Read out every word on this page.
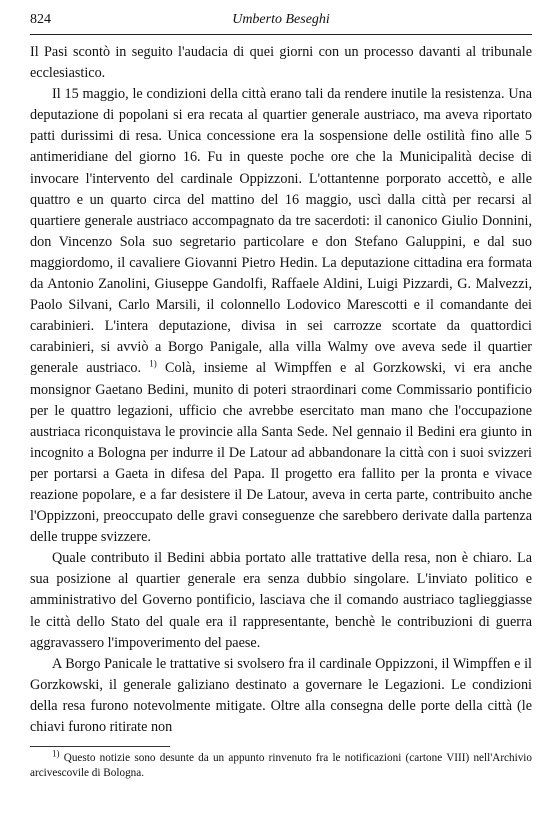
824	Umberto Beseghi

Il Pasi scontò in seguito l'audacia di quei giorni con un processo davanti al tribunale ecclesiastico.

Il 15 maggio, le condizioni della città erano tali da rendere inutile la resistenza. Una deputazione di popolani si era recata al quartier generale austriaco, ma aveva riportato patti durissimi di resa. Unica concessione era la sospensione delle ostilità fino alle 5 antimeridiane del giorno 16. Fu in queste poche ore che la Municipalità decise di invocare l'intervento del cardinale Oppizzoni. L'ottantenne porporato accettò, e alle quattro e un quarto circa del mattino del 16 maggio, uscì dalla città per recarsi al quartiere generale austriaco accompagnato da tre sacerdoti: il canonico Giulio Donnini, don Vincenzo Sola suo segretario particolare e don Stefano Galuppini, e dal suo maggiordomo, il cavaliere Giovanni Pietro Hedin. La deputazione cittadina era formata da Antonio Zanolini, Giuseppe Gandolfi, Raffaele Aldini, Luigi Pizzardi, G. Malvezzi, Paolo Silvani, Carlo Marsili, il colonnello Lodovico Marescotti e il comandante dei carabinieri. L'intera deputazione, divisa in sei carrozze scortate da quattordici carabinieri, si avviò a Borgo Panigale, alla villa Walmy ove aveva sede il quartier generale austriaco. $^{1)}$ Colà, insieme al Wimpffen e al Gorzkowski, vi era anche monsignor Gaetano Bedini, munito di poteri straordinari come Commissario pontificio per le quattro legazioni, ufficio che avrebbe esercitato man mano che l'occupazione austriaca riconquistava le provincie alla Santa Sede. Nel gennaio il Bedini era giunto in incognito a Bologna per indurre il De Latour ad abbandonare la città con i suoi svizzeri per portarsi a Gaeta in difesa del Papa. Il progetto era fallito per la pronta e vivace reazione popolare, e a far desistere il De Latour, aveva in certa parte, contribuito anche l'Oppizzoni, preoccupato delle gravi conseguenze che sarebbero derivate dalla partenza delle truppe svizzere.

Quale contributo il Bedini abbia portato alle trattative della resa, non è chiaro. La sua posizione al quartier generale era senza dubbio singolare. L'inviato politico e amministrativo del Governo pontificio, lasciava che il comando austriaco taglieggiasse le città dello Stato del quale era il rappresentante, benchè le contribuzioni di guerra aggravassero l'impoverimento del paese.

A Borgo Panicale le trattative si svolsero fra il cardinale Oppizzoni, il Wimpffen e il Gorzkowski, il generale galiziano destinato a governare le Legazioni. Le condizioni della resa furono notevolmente mitigate. Oltre alla consegna delle porte della città (le chiavi furono ritirate non

$^{1)}$ Questo notizie sono desunte da un appunto rinvenuto fra le notificazioni (cartone VIII) nell'Archivio arcivescovile di Bologna.
